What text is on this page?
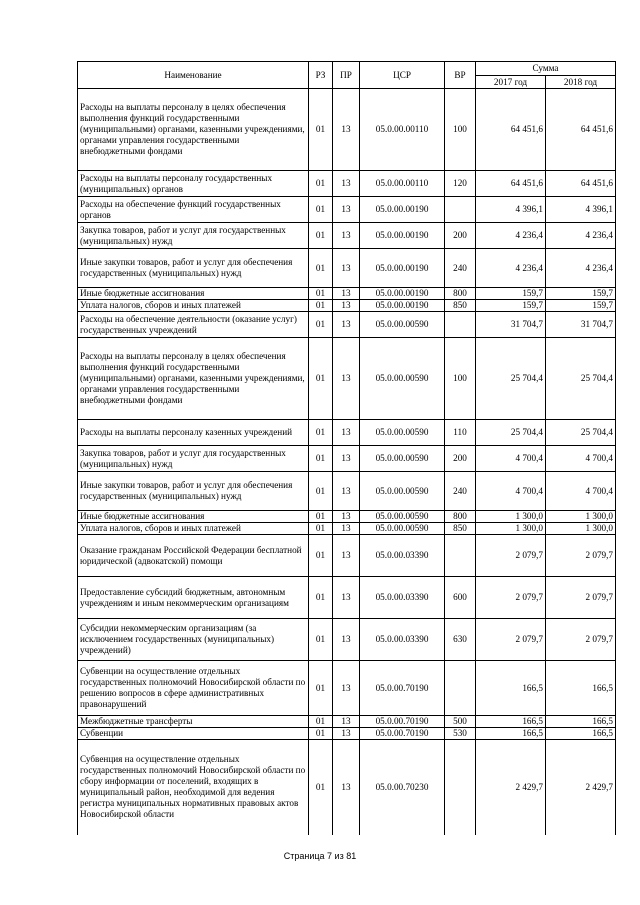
Наименование	РЗ	ПР	ЦСР	ВР	Сумма	
					2017 год	2018 год
Расходы на выплаты персоналу в целях обеспечения выполнения функций государственными (муниципальными) органами, казенными учреждениями, органами управления государственными внебюджетными фондами	01	13	05.0.00.00110	100	64 451,6	64 451,6
Расходы на выплаты персоналу государственных (муниципальных) органов	01	13	05.0.00.00110	120	64 451,6	64 451,6
Расходы на обеспечение функций государственных органов	01	13	05.0.00.00190		4 396,1	4 396,1
Закупка товаров, работ и услуг для государственных (муниципальных) нужд	01	13	05.0.00.00190	200	4 236,4	4 236,4
Иные закупки товаров, работ и услуг для обеспечения государственных (муниципальных) нужд	01	13	05.0.00.00190	240	4 236,4	4 236,4
Иные бюджетные ассигнования	01	13	05.0.00.00190	800	159,7	159,7
Уплата налогов, сборов и иных платежей	01	13	05.0.00.00190	850	159,7	159,7
Расходы на обеспечение деятельности (оказание услуг) государственных учреждений	01	13	05.0.00.00590		31 704,7	31 704,7
Расходы на выплаты персоналу в целях обеспечения выполнения функций государственными (муниципальными) органами, казенными учреждениями, органами управления государственными внебюджетными фондами	01	13	05.0.00.00590	100	25 704,4	25 704,4
Расходы на выплаты персоналу казенных учреждений	01	13	05.0.00.00590	110	25 704,4	25 704,4
Закупка товаров, работ и услуг для государственных (муниципальных) нужд	01	13	05.0.00.00590	200	4 700,4	4 700,4
Иные закупки товаров, работ и услуг для обеспечения государственных (муниципальных) нужд	01	13	05.0.00.00590	240	4 700,4	4 700,4
Иные бюджетные ассигнования	01	13	05.0.00.00590	800	1 300,0	1 300,0
Уплата налогов, сборов и иных платежей	01	13	05.0.00.00590	850	1 300,0	1 300,0
Оказание гражданам Российской Федерации бесплатной юридической (адвокатской) помощи	01	13	05.0.00.03390		2 079,7	2 079,7
Предоставление субсидий бюджетным, автономным учреждениям и иным некоммерческим организациям	01	13	05.0.00.03390	600	2 079,7	2 079,7
Субсидии некоммерческим организациям (за исключением государственных (муниципальных) учреждений)	01	13	05.0.00.03390	630	2 079,7	2 079,7
Субвенции на осуществление отдельных государственных полномочий Новосибирской области по решению вопросов в сфере административных правонарушений	01	13	05.0.00.70190		166,5	166,5
Межбюджетные трансферты	01	13	05.0.00.70190	500	166,5	166,5
Субвенции	01	13	05.0.00.70190	530	166,5	166,5
Субвенция на осуществление отдельных государственных полномочий Новосибирской области по сбору информации от поселений, входящих в муниципальный район, необходимой для ведения регистра муниципальных нормативных правовых актов Новосибирской области	01	13	05.0.00.70230		2 429,7	2 429,7
Страница 7 из 81
